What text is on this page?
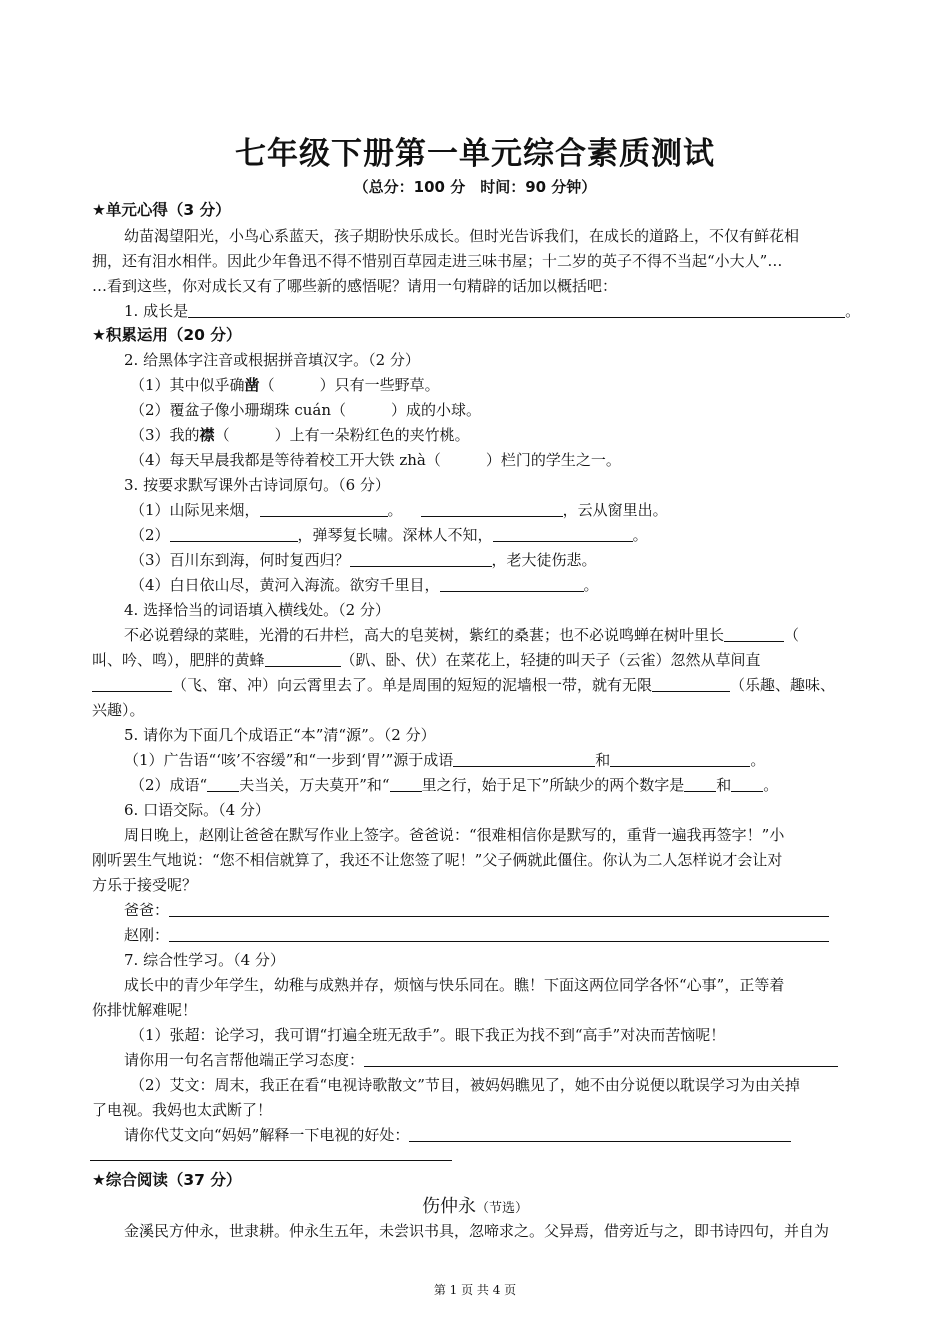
七年级下册第一单元综合素质测试
（总分：100 分　时间：90 分钟）
★单元心得（3 分）
幼苗渴望阳光，小鸟心系蓝天，孩子期盼快乐成长。但时光告诉我们，在成长的道路上，不仅有鲜花相
拥，还有泪水相伴。因此少年鲁迅不得不惜别百草园走进三味书屋；十二岁的英子不得不当起“小大人”…
…看到这些，你对成长又有了哪些新的感悟呢？请用一句精辟的话加以概括吧：
1. 成长是	。
★积累运用（20 分）
2. 给黑体字注音或根据拼音填汉字。（2 分）
（1）其中似乎确凿（　　　）只有一些野草。
（2）覆盆子像小珊瑚珠 cuán（　　　）成的小球。
（3）我的襟（　　　）上有一朵粉红色的夹竹桃。
（4）每天早晨我都是等待着校工开大铁 zhà（　　　）栏门的学生之一。
3. 按要求默写课外古诗词原句。（6 分）
（1）山际见来烟，	。	，云从窗里出。
（2）	，弹琴复长啸。深林人不知，	。
（3）百川东到海，何时复西归？	，老大徒伤悲。
（4）白日依山尽，黄河入海流。欲穷千里目，	。
4. 选择恰当的词语填入横线处。（2 分）
不必说碧绿的菜畦，光滑的石井栏，高大的皂荚树，紫红的桑葚；也不必说鸣蝉在树叶里长	（
叫、吟、鸣），肥胖的黄蜂	（趴、卧、伏）在菜花上，轻捷的叫天子（云雀）忽然从草间直
（飞、窜、冲）向云霄里去了。单是周围的短短的泥墙根一带，就有无限	（乐趣、趣味、
兴趣）。
5. 请你为下面几个成语正“本”清“源”。（2 分）
（1）广告语“‘咳’不容缓”和“一步到‘胃’”源于成语	和	。
（2）成语“ 夫当关，万夫莫开”和“ 里之行，始于足下”所缺少的两个数字是 和 。
6. 口语交际。（4 分）
周日晚上，赵刚让爸爸在默写作业上签字。爸爸说：“很难相信你是默写的，重背一遍我再签字！”小
刚听罢生气地说：“您不相信就算了，我还不让您签了呢！”父子俩就此僵住。你认为二人怎样说才会让对
方乐于接受呢？
爸爸：
赵刚：
7. 综合性学习。（4 分）
成长中的青少年学生，幼稚与成熟并存，烦恼与快乐同在。瞧！下面这两位同学各怀“心事”，正等着
你排忧解难呢！
（1）张超：论学习，我可谓“打遍全班无敌手”。眼下我正为找不到“高手”对决而苦恼呢！
请你用一句名言帮他端正学习态度：
（2）艾文：周末，我正在看“电视诗歌散文”节目，被妈妈瞧见了，她不由分说便以耽误学习为由关掉
了电视。我妈也太武断了！
请你代艾文向“妈妈”解释一下电视的好处：
★综合阅读（37 分）
伤仲永（节选）
金溪民方仲永，世隶耕。仲永生五年，未尝识书具，忽啼求之。父异焉，借旁近与之，即书诗四句，并自为
第 1 页 共 4 页
